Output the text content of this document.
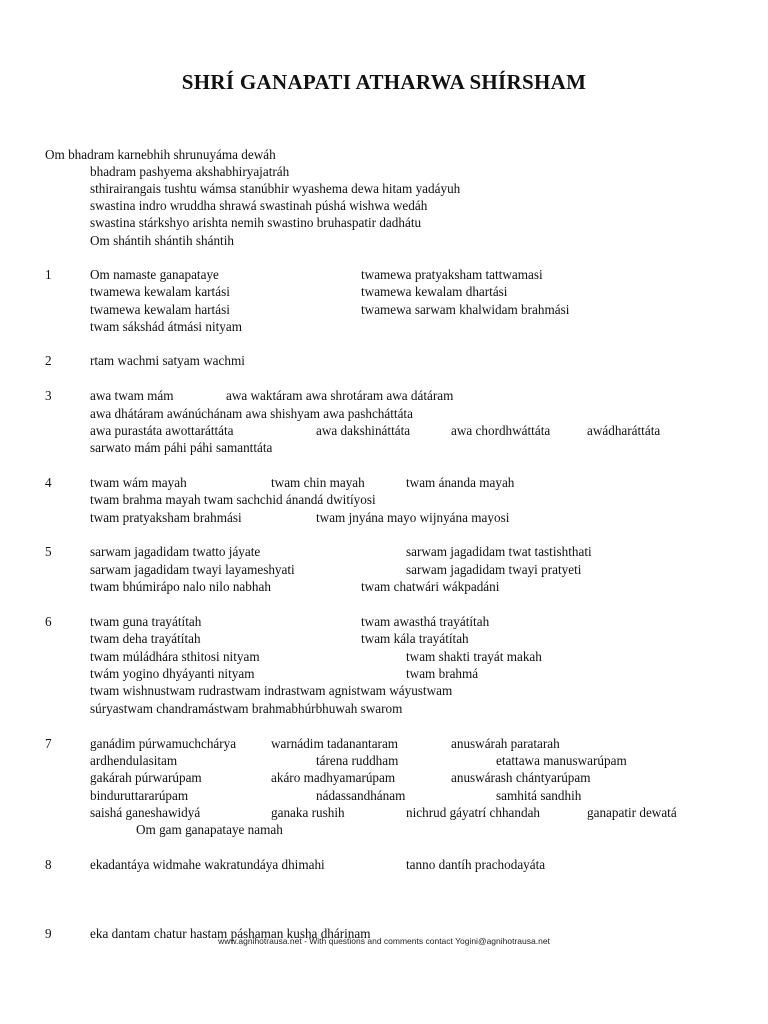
SHRÍ GANAPATI ATHARWA SHÍRSHAM
Om bhadram karnebhih shrunuyáma dewáh
bhadram pashyema akshabhiryajatráh
sthirairangais tushtu wámsa stanúbhir wyashema dewa hitam yadáyuh
swastina indro wruddha shrawá swastinah púshá wishwa wedáh
swastina stárkshyo arishta nemih swastino bruhaspatir dadhátu
Om shántih shántih shántih
1	Om namaste ganapataye	twamewa pratyaksham tattwamasi
twamewa kewalam kartási	twamewa kewalam dhartási
twamewa kewalam hartási	twamewa sarwam khalwidam brahmási
twam sákshád átmási nityam
2	rtam wachmi satyam wachmi
3	awa twam mám	awa waktáram awa shrotáram awa dátáram
awa dhátáram awánúchánam awa shishyam awa pashcháttáta
awa purastáta awottaráttáta	awa dakshináttáta	awa chordhwáttáta	awádharáttáta
sarwato mám páhi páhi samanttáta
4	twam wám mayah	twam chin mayah	twam ánanda mayah
twam brahma mayah twam sachchid ánandá dwitíyosi
twam pratyaksham brahmási	twam jnyána mayo wijnyána mayosi
5	sarwam jagadidam twatto jáyate	sarwam jagadidam twat tastishthati
sarwam jagadidam twayi layameshyati	sarwam jagadidam twayi pratyeti
twam bhúmirápo nalo nilo nabhah	twam chatwári wákpadáni
6	twam guna trayátítah	twam awasthá trayátítah
twam deha trayátítah	twam kála trayátítah
twam múládhára sthitosi nityam	twam shakti trayát makah
twám yogino dhyáyanti nityam	twam brahmá
twam wishnustwam rudrastwam indrastwam agnistwam wáyustwam
súryastwam chandramástwam brahmabhúrbhuwah swarom
7	ganádim púrwamuchchárya	warnádim tadanantaram	anuswárah paratarah
ardhendulasitam	tárena ruddham	etattawa manuswarúpam
gakárah púrwarúpam	akáro madhyamarúpam	anuswárash chántyarúpam
binduruttararúpam	nádassandhánam	samhitá sandhih
saishá ganeshawidyá	ganaka rushih	nichrud gáyatrí chhandah	ganapatir dewatá
Om gam ganapataye namah
8	ekadantáya widmahe wakratundáya dhimahi	tanno dantíh prachodayáta
9	eka dantam chatur hastam páshaman kusha dhárinam
www.agnihotrausa.net - With questions and comments contact Yogini@agnihotrausa.net
